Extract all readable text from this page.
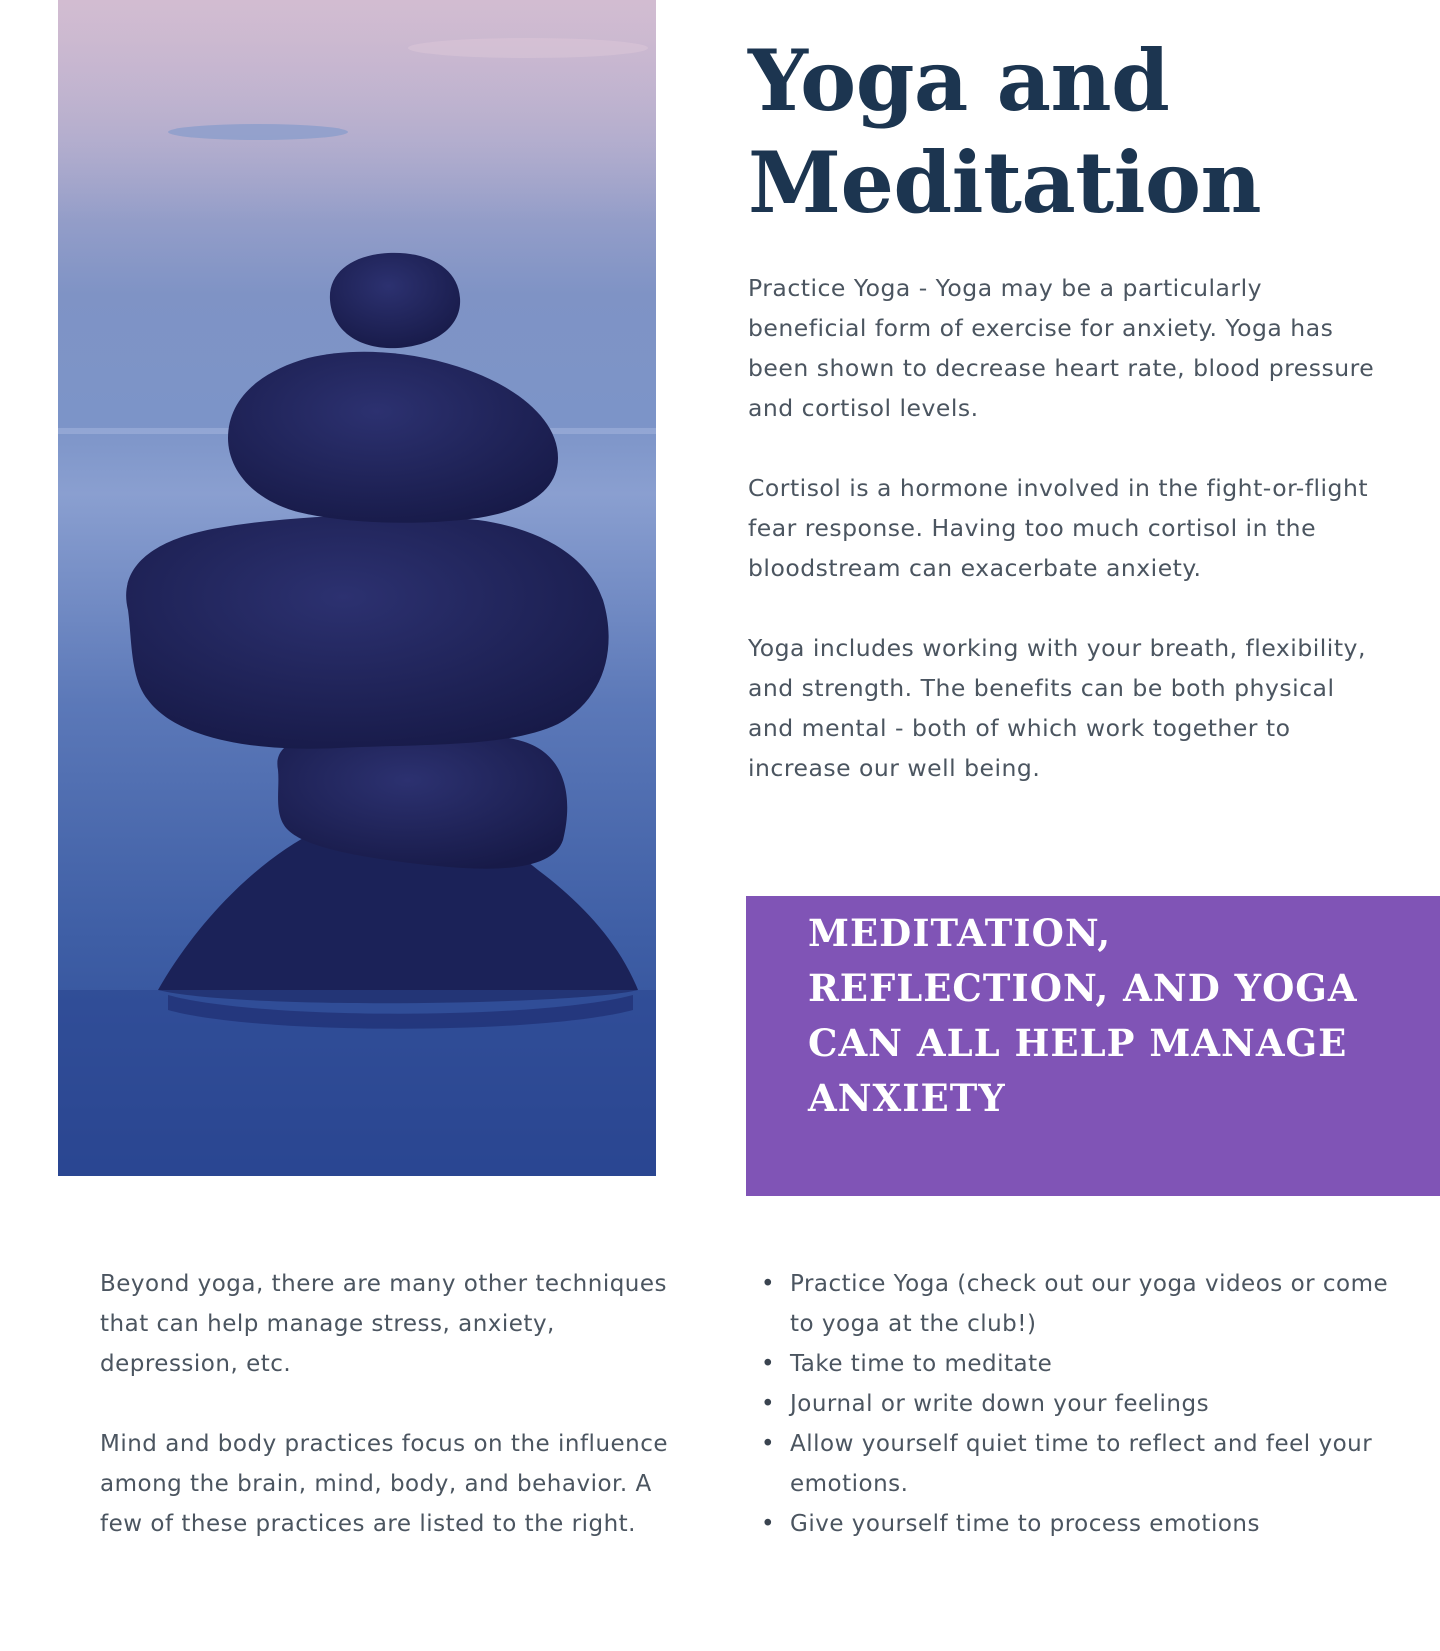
Yoga and
Meditation

Practice Yoga - Yoga may be a particularly beneficial form of exercise for anxiety. Yoga has been shown to decrease heart rate, blood pressure and cortisol levels.

Cortisol is a hormone involved in the fight-or-flight fear response. Having too much cortisol in the bloodstream can exacerbate anxiety.

Yoga includes working with your breath, flexibility, and strength. The benefits can be both physical and mental - both of which work together to increase our well being.

MEDITATION, REFLECTION, AND YOGA CAN ALL HELP MANAGE ANXIETY

Beyond yoga, there are many other techniques that can help manage stress, anxiety, depression, etc.

Mind and body practices focus on the influence among the brain, mind, body, and behavior. A few of these practices are listed to the right.

• Practice Yoga (check out our yoga videos or come to yoga at the club!)
• Take time to meditate
• Journal or write down your feelings
• Allow yourself quiet time to reflect and feel your emotions.
• Give yourself time to process emotions
